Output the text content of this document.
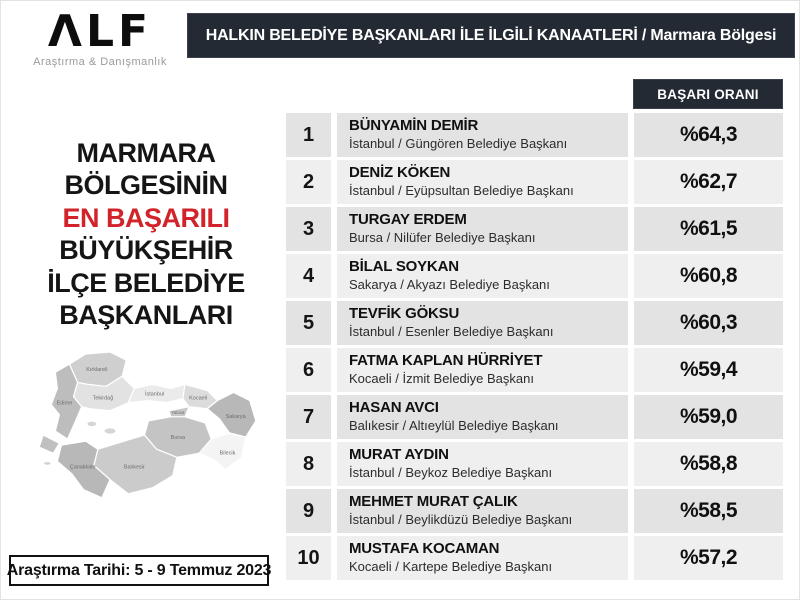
ΛLF
Araştırma & Danışmanlık
HALKIN BELEDİYE BAŞKANLARI İLE İLGİLİ KANAATLERİ / Marmara Bölgesi
MARMARA
BÖLGESİNİN
EN BAŞARILI
BÜYÜKŞEHİR
İLÇE BELEDİYE
BAŞKANLARI
Kırklareli
Edirne
Tekirdağ
İstanbul
Kocaeli
Sakarya
Yalova
Bursa
Bilecik
Balıkesir
Çanakkale
Araştırma Tarihi: 5 - 9 Temmuz 2023
BAŞARI ORANI
1	BÜNYAMİN DEMİR
İstanbul / Güngören Belediye Başkanı	%64,3
2	DENİZ KÖKEN
İstanbul / Eyüpsultan Belediye Başkanı	%62,7
3	TURGAY ERDEM
Bursa / Nilüfer Belediye Başkanı	%61,5
4	BİLAL SOYKAN
Sakarya / Akyazı Belediye Başkanı	%60,8
5	TEVFİK GÖKSU
İstanbul / Esenler Belediye Başkanı	%60,3
6	FATMA KAPLAN HÜRRİYET
Kocaeli / İzmit Belediye Başkanı	%59,4
7	HASAN AVCI
Balıkesir / Altıeylül Belediye Başkanı	%59,0
8	MURAT AYDIN
İstanbul / Beykoz Belediye Başkanı	%58,8
9	MEHMET MURAT ÇALIK
İstanbul / Beylikdüzü Belediye Başkanı	%58,5
10	MUSTAFA KOCAMAN
Kocaeli / Kartepe Belediye Başkanı	%57,2
